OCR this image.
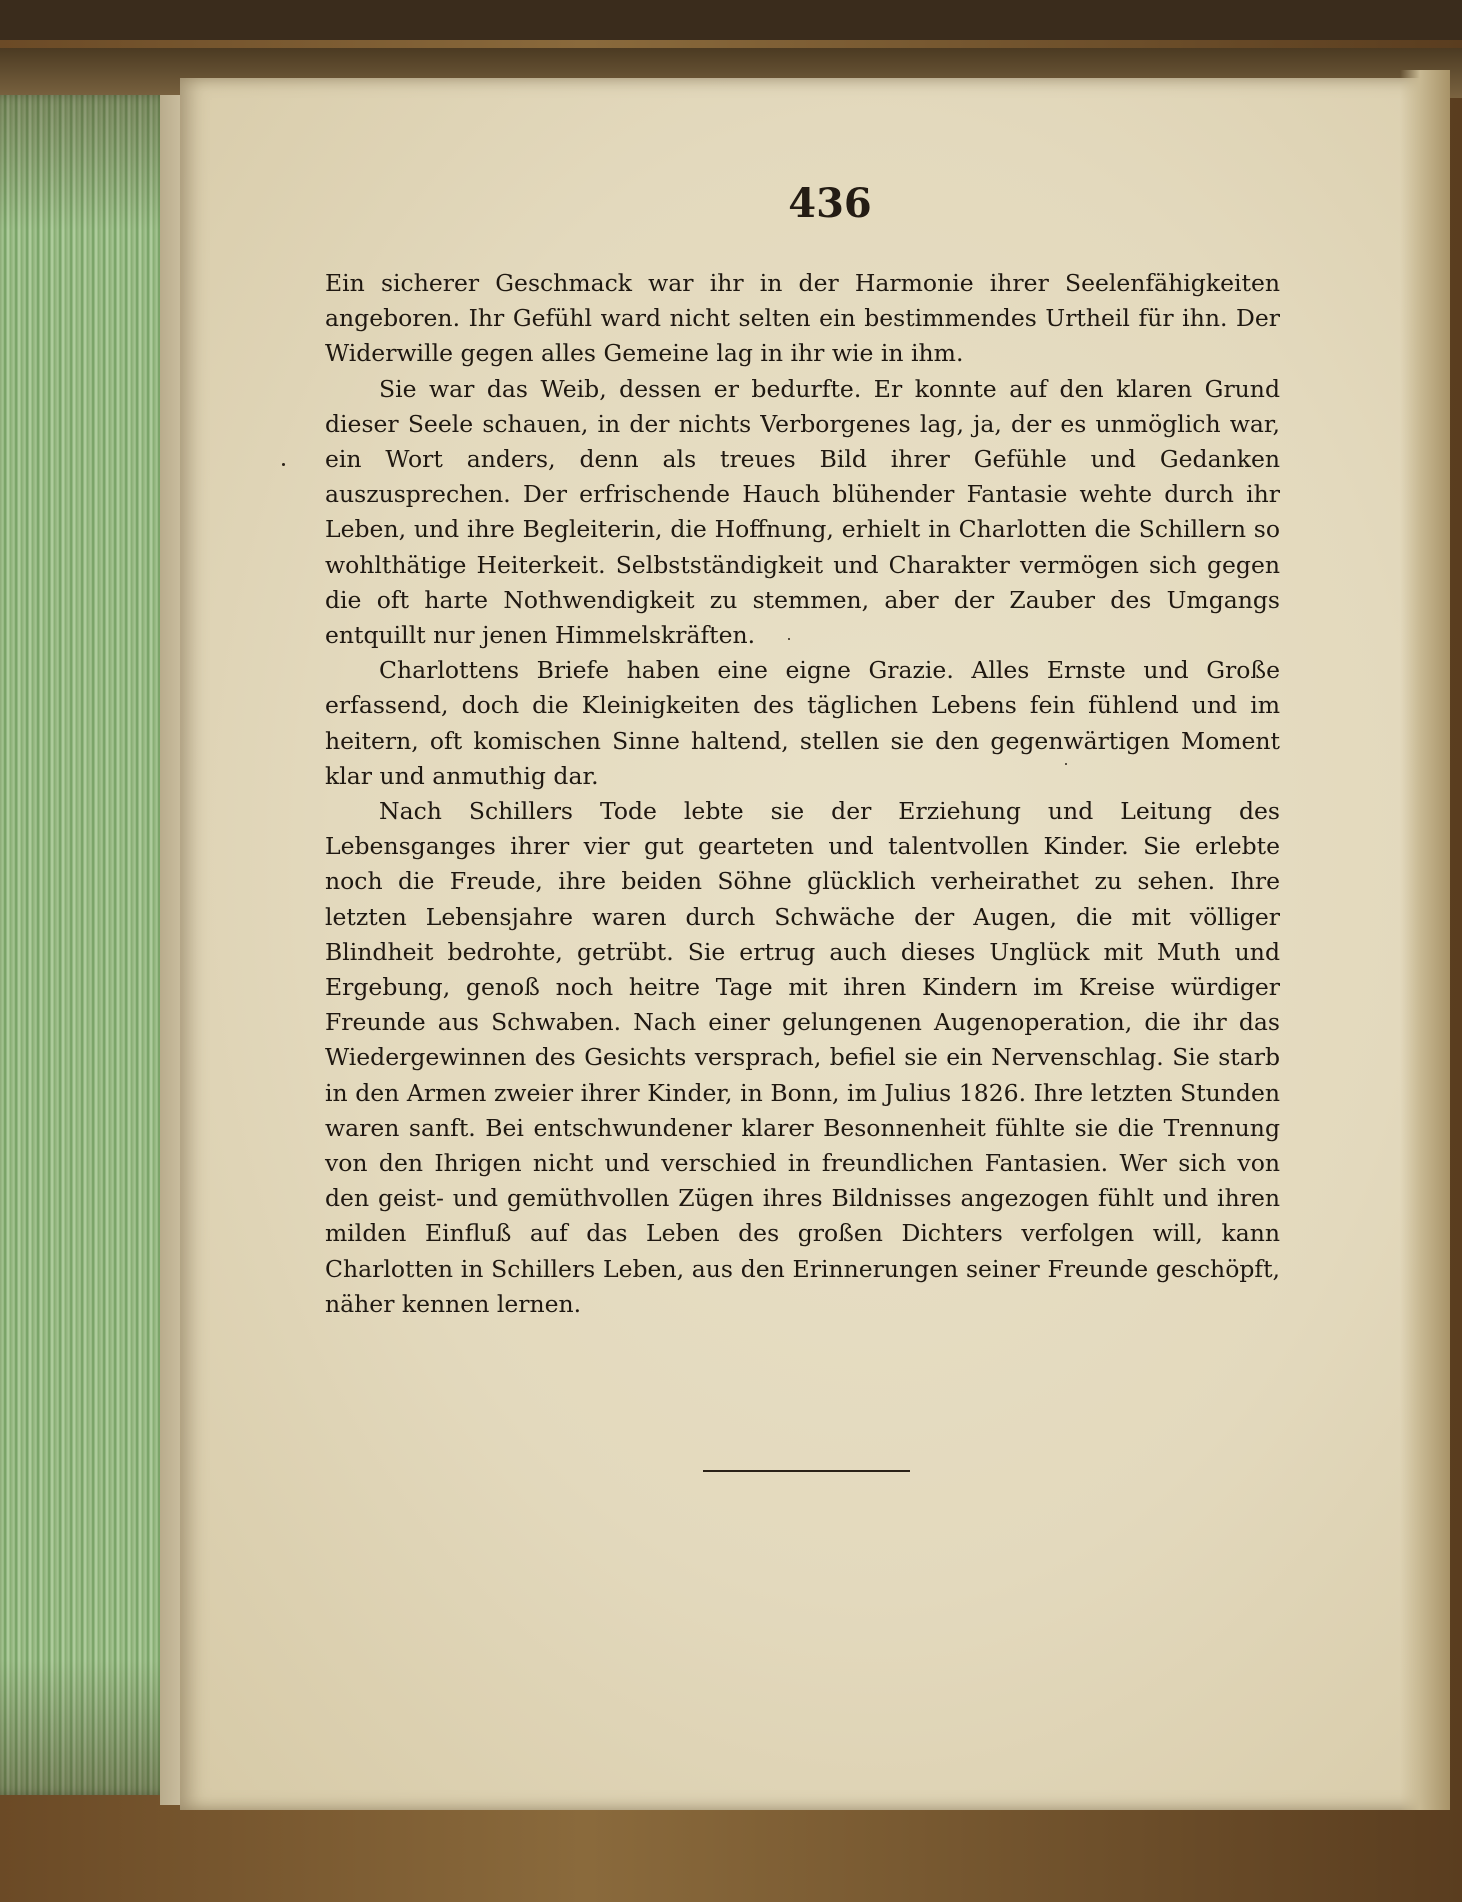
436

Ein sicherer Geschmack war ihr in der Harmonie ihrer Seelenfähigkeiten angeboren. Ihr Gefühl ward nicht selten ein bestimmendes Urtheil für ihn. Der Widerwille gegen alles Gemeine lag in ihr wie in ihm.

Sie war das Weib, dessen er bedurfte. Er konnte auf den klaren Grund dieser Seele schauen, in der nichts Verborgenes lag, ja, der es unmöglich war, ein Wort anders, denn als treues Bild ihrer Gefühle und Gedanken auszusprechen. Der erfrischende Hauch blühender Fantasie wehte durch ihr Leben, und ihre Begleiterin, die Hoffnung, erhielt in Charlotten die Schillern so wohlthätige Heiterkeit. Selbstständigkeit und Charakter vermögen sich gegen die oft harte Nothwendigkeit zu stemmen, aber der Zauber des Umgangs entquillt nur jenen Himmelskräften.

Charlottens Briefe haben eine eigne Grazie. Alles Ernste und Große erfassend, doch die Kleinigkeiten des täglichen Lebens fein fühlend und im heitern, oft komischen Sinne haltend, stellen sie den gegenwärtigen Moment klar und anmuthig dar.

Nach Schillers Tode lebte sie der Erziehung und Leitung des Lebensganges ihrer vier gut gearteten und talentvollen Kinder. Sie erlebte noch die Freude, ihre beiden Söhne glücklich verheirathet zu sehen. Ihre letzten Lebensjahre waren durch Schwäche der Augen, die mit völliger Blindheit bedrohte, getrübt. Sie ertrug auch dieses Unglück mit Muth und Ergebung, genoß noch heitre Tage mit ihren Kindern im Kreise würdiger Freunde aus Schwaben. Nach einer gelungenen Augenoperation, die ihr das Wiedergewinnen des Gesichts versprach, befiel sie ein Nervenschlag. Sie starb in den Armen zweier ihrer Kinder, in Bonn, im Julius 1826. Ihre letzten Stunden waren sanft. Bei entschwundener klarer Besonnenheit fühlte sie die Trennung von den Ihrigen nicht und verschied in freundlichen Fantasien. Wer sich von den geist- und gemüthvollen Zügen ihres Bildnisses angezogen fühlt und ihren milden Einfluß auf das Leben des großen Dichters verfolgen will, kann Charlotten in Schillers Leben, aus den Erinnerungen seiner Freunde geschöpft, näher kennen lernen.
